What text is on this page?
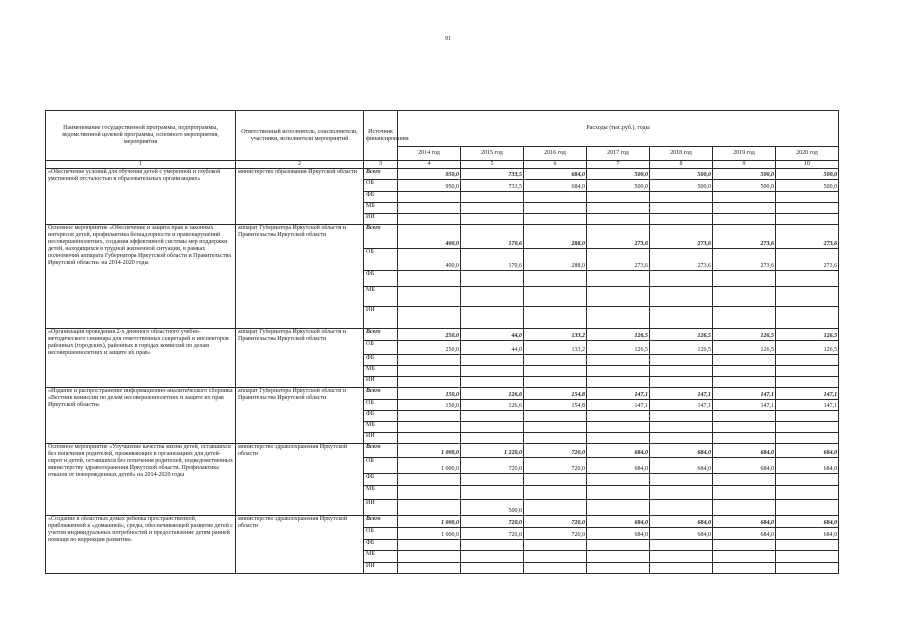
91
Наименование государственной программы, подпрограммы, ведомственной целевой программы, основного мероприятия, мероприятия	Ответственный исполнитель, соисполнители, участники, исполнители мероприятий	Источник финансирования	Расходы (тыс.руб.), годы						
			2014 год	2015 год	2016 год	2017 год	2018 год	2019 год	2020 год
1	2	3	4	5	6	7	8	9	10
«Обеспечение условий для обучения детей с умеренной и глубокой умственной отсталостью в образовательных организациях»	министерство образования Иркутской области	Всего	950,0	733,5	684,0	500,0	500,0	500,0	500,0
		ОБ	950,0	733,5	684,0	500,0	500,0	500,0	500,0
		ФБ							
		МБ							
		ИИ							
Основное мероприятие «Обеспечение и защита прав и законных интересов детей, профилактика безнадзорности и правонарушений несовершеннолетних, создания эффективной системы мер поддержки детей, находящихся в трудной жизненной ситуации, в рамках полномочий аппарата Губернатора Иркутской области и Правительства Иркутской области» на 2014-2020 годы	аппарат Губернатора Иркутской области и Правительства Иркутской области	Всего	400,0	170,6	288,0	273,6	273,6	273,6	273,6
		ОБ	400,0	170,6	288,0	273,6	273,6	273,6	273,6
		ФБ							
		МБ							
		ИИ							
«Организация проведения 2-х дневного областного учебно-методического семинара для ответственных секретарей и инспекторов районных (городских), районных в городах комиссий по делам несовершеннолетних и защите их прав»	аппарат Губернатора Иркутской области и Правительства Иркутской области	Всего	250,0	44,0	133,2	126,5	126,5	126,5	126,5
		ОБ	250,0	44,0	133,2	126,5	126,5	126,5	126,5
		ФБ							
		МБ							
		ИИ							
«Издание и распространение информационно-аналитического сборника «Вестник комиссии по делам несовершеннолетних и защите их прав Иркутской области»	аппарат Губернатора Иркутской области и Правительства Иркутской области	Всего	150,0	126,6	154,8	147,1	147,1	147,1	147,1
		ОБ	150,0	126,6	154,8	147,1	147,1	147,1	147,1
		ФБ							
		МБ							
		ИИ							
Основное мероприятие «Улучшение качества жизни детей, оставшихся без попечения родителей, проживающих в организациях для детей-сирот и детей, оставшихся без попечения родителей, подведомственных министерству здравоохранения Иркутской области. Профилактика отказов от новорожденных детей» на 2014-2020 годы	министерство здравоохранения Иркутской области	Всего	1 000,0	1 220,0	720,0	684,0	684,0	684,0	684,0
		ОБ	1 000,0	720,0	720,0	684,0	684,0	684,0	684,0
		ФБ							
		МБ							
		ИИ		500,0					
«Создание в областных домах ребенка пространственной, приближенной к «домашней», среды, обеспечивающей развитие детей с учетом индивидуальных потребностей и предоставление детям ранней помощи по коррекции развития»	министерство здравоохранения Иркутской области	Всего	1 000,0	720,0	720,0	684,0	684,0	684,0	684,0
		ОБ	1 000,0	720,0	720,0	684,0	684,0	684,0	684,0
		ФБ							
		МБ							
		ИИ							
